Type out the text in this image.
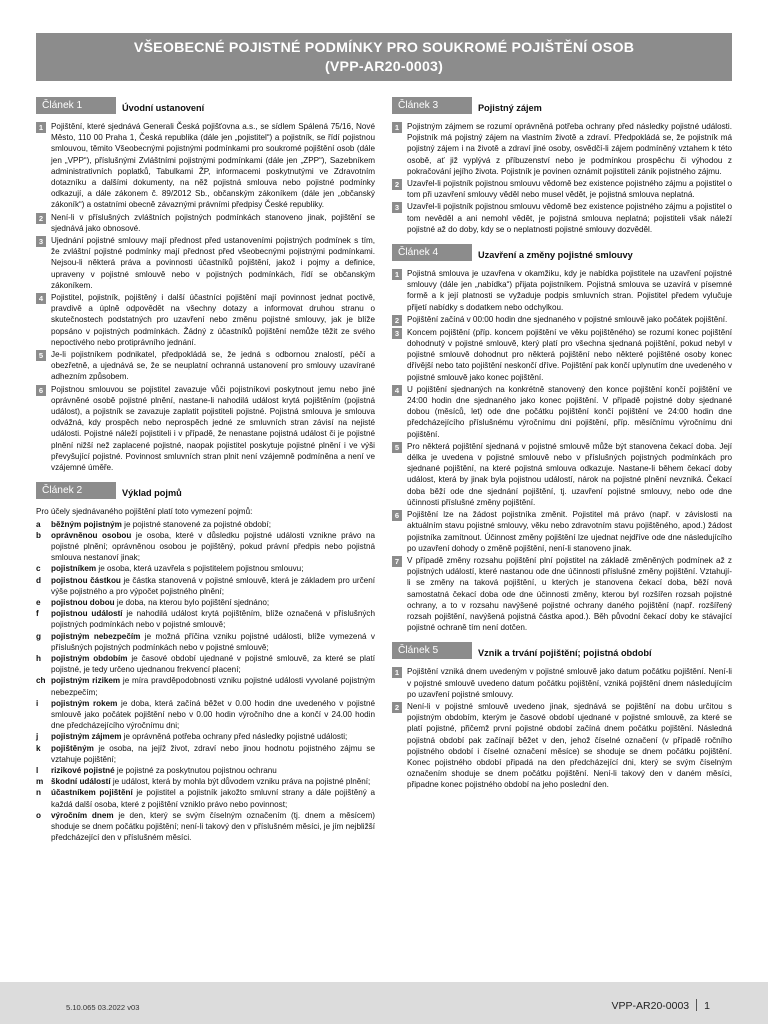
VŠEOBECNÉ POJISTNÉ PODMÍNKY PRO SOUKROMÉ POJIŠTĚNÍ OSOB
(VPP-AR20-0003)
Článek 1	Úvodní ustanovení
1 Pojištění, které sjednává Generali Česká pojišťovna a.s., se sídlem Spálená 75/16, Nové Město, 110 00 Praha 1, Česká republika (dále jen „pojistitel“) a pojistník, se řídí pojistnou smlouvou, těmito Všeobecnými pojistnými podmínkami pro soukromé pojištění osob (dále jen „VPP“), příslušnými Zvláštními pojistnými podmínkami (dále jen „ZPP“), Sazebníkem administrativních poplatků, Tabulkami ŽP, informacemi poskytnutými ve Zdravotním dotazníku a dalšími dokumenty, na něž pojistná smlouva nebo pojistné podmínky odkazují, a dále zákonem č. 89/2012 Sb., občanským zákoníkem (dále jen „občanský zákoník“) a ostatními obecně závaznými právními předpisy České republiky.
2 Není-li v příslušných zvláštních pojistných podmínkách stanoveno jinak, pojištění se sjednává jako obnosové.
3 Ujednání pojistné smlouvy mají přednost před ustanoveními pojistných podmínek s tím, že zvláštní pojistné podmínky mají přednost před všeobecnými pojistnými podmínkami. Nejsou-li některá práva a povinnosti účastníků pojištění, jakož i pojmy a definice, upraveny v pojistné smlouvě nebo v pojistných podmínkách, řídí se občanským zákoníkem.
4 Pojistitel, pojistník, pojištěný i další účastníci pojištění mají povinnost jednat poctivě, pravdivě a úplně odpovědět na všechny dotazy a informovat druhou stranu o skutečnostech podstatných pro uzavření nebo změnu pojistné smlouvy, jak je blíže popsáno v pojistných podmínkách. Žádný z účastníků pojištění nemůže těžit ze svého nepoctivého nebo protiprávního jednání.
5 Je-li pojistníkem podnikatel, předpokládá se, že jedná s odbornou znalostí, péčí a obezřetně, a ujednává se, že se neuplatní ochranná ustanovení pro smlouvy uzavírané adhezním způsobem.
6 Pojistnou smlouvou se pojistitel zavazuje vůči pojistníkovi poskytnout jemu nebo jiné oprávněné osobě pojistné plnění, nastane-li nahodilá událost krytá pojištěním (pojistná událost), a pojistník se zavazuje zaplatit pojistiteli pojistné. Pojistná smlouva je smlouva odvážná, kdy prospěch nebo neprospěch jedné ze smluvních stran závisí na nejisté události. Pojistné náleží pojistiteli i v případě, že nenastane pojistná událost či je pojistné plnění nižší než zaplacené pojistné, naopak pojistitel poskytuje pojistné plnění i ve výši převyšující pojistné. Povinnost smluvních stran plnit není vzájemně podmíněna a není ve vzájemné úměře.
Článek 2	Výklad pojmů
Pro účely sjednávaného pojištění platí toto vymezení pojmů:
a	běžným pojistným je pojistné stanovené za pojistné období;
b	oprávněnou osobou je osoba, které v důsledku pojistné události vznikne právo na pojistné plnění; oprávněnou osobou je pojištěný, pokud právní předpis nebo pojistná smlouva nestanoví jinak;
c	pojistníkem je osoba, která uzavřela s pojistitelem pojistnou smlouvu;
d	pojistnou částkou je částka stanovená v pojistné smlouvě, která je základem pro určení výše pojistného a pro výpočet pojistného plnění;
e	pojistnou dobou je doba, na kterou bylo pojištění sjednáno;
f	pojistnou událostí je nahodilá událost krytá pojištěním, blíže označená v příslušných pojistných podmínkách nebo v pojistné smlouvě;
g	pojistným nebezpečím je možná příčina vzniku pojistné události, blíže vymezená v příslušných pojistných podmínkách nebo v pojistné smlouvě;
h	pojistným obdobím je časové období ujednané v pojistné smlouvě, za které se platí pojistné, je tedy určeno ujednanou frekvencí placení;
ch pojistným rizikem je míra pravděpodobnosti vzniku pojistné události vyvolané pojistným nebezpečím;
i	pojistným rokem je doba, která začíná běžet v 0.00 hodin dne uvedeného v pojistné smlouvě jako počátek pojištění nebo v 0.00 hodin výročního dne a končí v 24.00 hodin dne předcházejícího výročnímu dni;
j	pojistným zájmem je oprávněná potřeba ochrany před následky pojistné události;
k	pojištěným je osoba, na jejíž život, zdraví nebo jinou hodnotu pojistného zájmu se vztahuje pojištění;
l	rizikové pojistné je pojistné za poskytnutou pojistnou ochranu
m škodní událostí je událost, která by mohla být důvodem vzniku práva na pojistné plnění;
n	účastníkem pojištění je pojistitel a pojistník jakožto smluvní strany a dále pojištěný a každá další osoba, které z pojištění vzniklo právo nebo povinnost;
o	výročním dnem je den, který se svým číselným označením (tj. dnem a měsícem) shoduje se dnem počátku pojištění; není-li takový den v příslušném měsíci, je jím nejbližší předcházející den v příslušném měsíci.
Článek 3	Pojistný zájem
1 Pojistným zájmem se rozumí oprávněná potřeba ochrany před následky pojistné události. Pojistník má pojistný zájem na vlastním životě a zdraví. Předpokládá se, že pojistník má pojistný zájem i na životě a zdraví jiné osoby, osvědčí-li zájem podmíněný vztahem k této osobě, ať již vyplývá z příbuzenství nebo je podmínkou prospěchu či výhodou z pokračování jejího života. Pojistník je povinen oznámit pojistiteli zánik pojistného zájmu.
2 Uzavřel-li pojistník pojistnou smlouvu vědomě bez existence pojistného zájmu a pojistitel o tom při uzavření smlouvy věděl nebo musel vědět, je pojistná smlouva neplatná.
3 Uzavřel-li pojistník pojistnou smlouvu vědomě bez existence pojistného zájmu a pojistitel o tom nevěděl a ani nemohl vědět, je pojistná smlouva neplatná; pojistiteli však náleží pojistné až do doby, kdy se o neplatnosti pojistné smlouvy dozvěděl.
Článek 4	Uzavření a změny pojistné smlouvy
1 Pojistná smlouva je uzavřena v okamžiku, kdy je nabídka pojistitele na uzavření pojistné smlouvy (dále jen „nabídka“) přijata pojistníkem. Pojistná smlouva se uzavírá v písemné formě a k její platnosti se vyžaduje podpis smluvních stran. Pojistitel předem vylučuje přijetí nabídky s dodatkem nebo odchylkou.
2 Pojištění začíná v 00:00 hodin dne sjednaného v pojistné smlouvě jako počátek pojištění.
3 Koncem pojištění (příp. koncem pojištění ve věku pojištěného) se rozumí konec pojištění dohodnutý v pojistné smlouvě, který platí pro všechna sjednaná pojištění, pokud nebyl v pojistné smlouvě dohodnut pro některá pojištění nebo některé pojištěné osoby konec dřívější nebo tato pojištění neskončí dříve. Pojištění pak končí uplynutím dne uvedeného v pojistné smlouvě jako konec pojištění.
4 U pojištění sjednaných na konkrétně stanovený den konce pojištění končí pojištění ve 24:00 hodin dne sjednaného jako konec pojištění. V případě pojistné doby sjednané dobou (měsíců, let) ode dne počátku pojištění končí pojištění ve 24:00 hodin dne předcházejícího příslušnému výročnímu dni pojištění, příp. měsíčnímu výročnímu dni pojištění.
5 Pro některá pojištění sjednaná v pojistné smlouvě může být stanovena čekací doba. Její délka je uvedena v pojistné smlouvě nebo v příslušných pojistných podmínkách pro sjednané pojištění, na které pojistná smlouva odkazuje. Nastane-li během čekací doby událost, která by jinak byla pojistnou událostí, nárok na pojistné plnění nevzniká. Čekací doba běží ode dne sjednání pojištění, tj. uzavření pojistné smlouvy, nebo ode dne účinnosti příslušné změny pojištění.
6 Pojištění lze na žádost pojistníka změnit. Pojistitel má právo (např. v závislosti na aktuálním stavu pojistné smlouvy, věku nebo zdravotním stavu pojištěného, apod.) žádost pojistníka zamítnout. Účinnost změny pojištění lze ujednat nejdříve ode dne následujícího po uzavření dohody o změně pojištění, není-li stanoveno jinak.
7 V případě změny rozsahu pojištění plní pojistitel na základě změněných podmínek až z pojistných událostí, které nastanou ode dne účinnosti příslušné změny pojištění. Vztahují-li se změny na taková pojištění, u kterých je stanovena čekací doba, běží nová samostatná čekací doba ode dne účinnosti změny, kterou byl rozšířen rozsah pojistné ochrany, a to v rozsahu navýšené pojistné ochrany daného pojištění (např. rozšířený rozsah pojištění, navýšená pojistná částka apod.). Běh původní čekací doby ke stávající pojistné ochraně tím není dotčen.
Článek 5	Vznik a trvání pojištění; pojistná období
1 Pojištění vzniká dnem uvedeným v pojistné smlouvě jako datum počátku pojištění. Není-li v pojistné smlouvě uvedeno datum počátku pojištění, vzniká pojištění dnem následujícím po uzavření pojistné smlouvy.
2 Není-li v pojistné smlouvě uvedeno jinak, sjednává se pojištění na dobu určitou s pojistným obdobím, kterým je časové období ujednané v pojistné smlouvě, za které se platí pojistné, přičemž první pojistné období začíná dnem počátku pojištění. Následná pojistná období pak začínají běžet v den, jehož číselné označení (v případě ročního pojistného období i číselné označení měsíce) se shoduje se dnem počátku pojištění. Konec pojistného období připadá na den předcházející dni, který se svým číselným označením shoduje se dnem počátku pojištění. Není-li takový den v daném měsíci, připadne konec pojistného období na jeho poslední den.
5.10.065 03.2022 v03	VPP-AR20-0003 1
